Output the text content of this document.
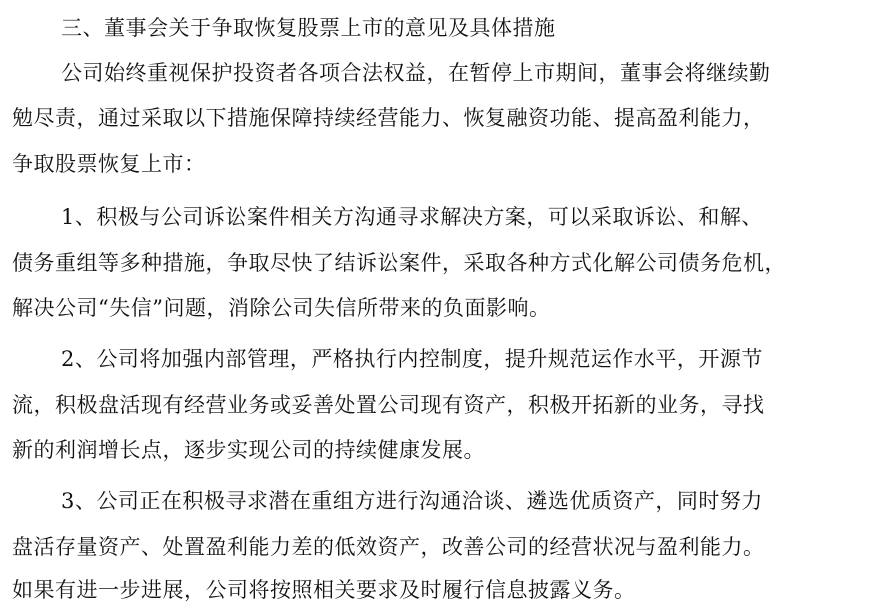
三、董事会关于争取恢复股票上市的意见及具体措施
公司始终重视保护投资者各项合法权益，在暂停上市期间，董事会将继续勤
勉尽责，通过采取以下措施保障持续经营能力、恢复融资功能、提高盈利能力，
争取股票恢复上市：
1、积极与公司诉讼案件相关方沟通寻求解决方案，可以采取诉讼、和解、
债务重组等多种措施，争取尽快了结诉讼案件，采取各种方式化解公司债务危机，
解决公司“失信”问题，消除公司失信所带来的负面影响。
2、公司将加强内部管理，严格执行内控制度，提升规范运作水平，开源节
流，积极盘活现有经营业务或妥善处置公司现有资产，积极开拓新的业务，寻找
新的利润增长点，逐步实现公司的持续健康发展。
3、公司正在积极寻求潜在重组方进行沟通洽谈、遴选优质资产，同时努力
盘活存量资产、处置盈利能力差的低效资产，改善公司的经营状况与盈利能力。
如果有进一步进展，公司将按照相关要求及时履行信息披露义务。
